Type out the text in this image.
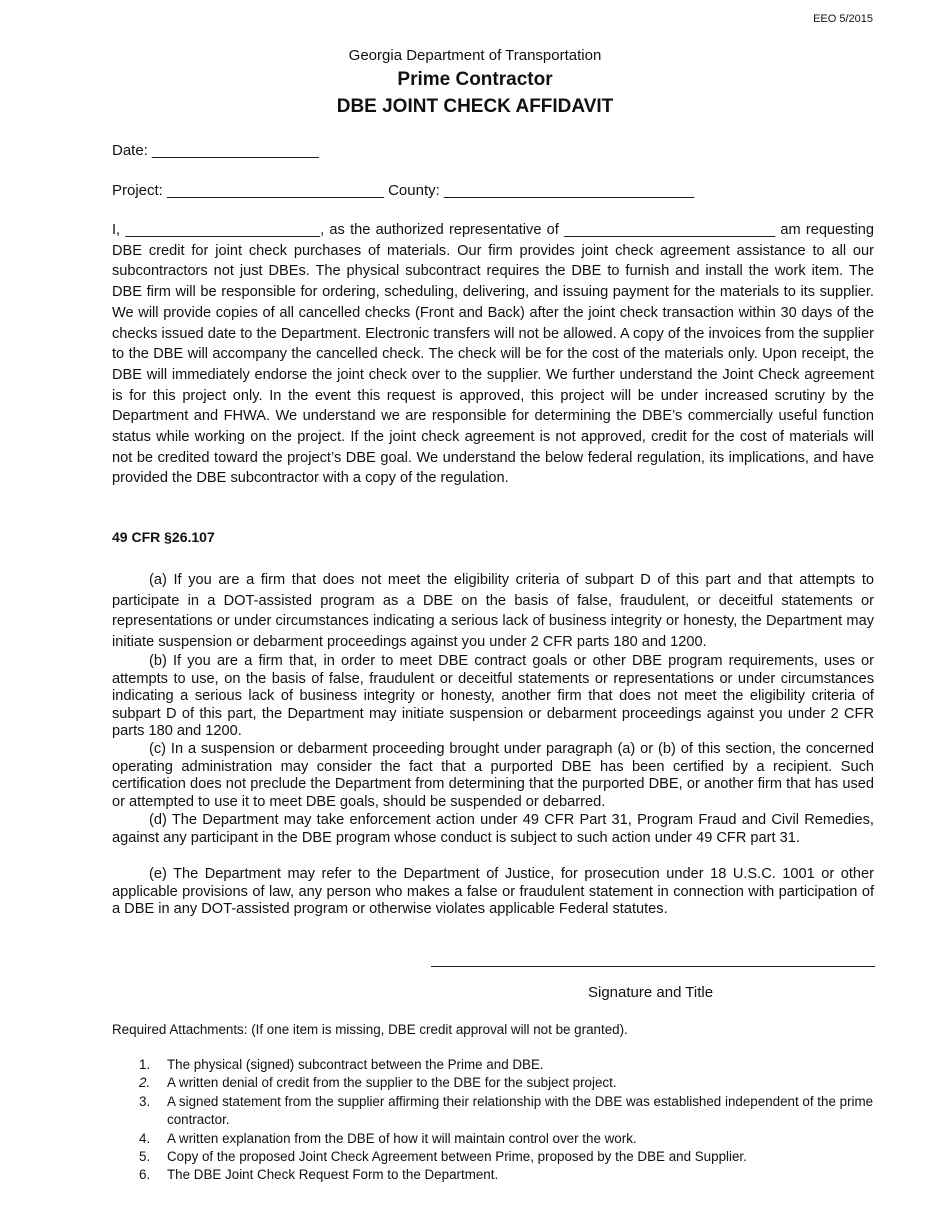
EEO 5/2015
Georgia Department of Transportation
Prime Contractor
DBE JOINT CHECK AFFIDAVIT
Date: ____________________
Project: __________________________ County: ______________________________
I, ________________________, as the authorized representative of __________________________ am requesting DBE credit for joint check purchases of materials. Our firm provides joint check agreement assistance to all our subcontractors not just DBEs. The physical subcontract requires the DBE to furnish and install the work item. The DBE firm will be responsible for ordering, scheduling, delivering, and issuing payment for the materials to its supplier. We will provide copies of all cancelled checks (Front and Back) after the joint check transaction within 30 days of the checks issued date to the Department. Electronic transfers will not be allowed. A copy of the invoices from the supplier to the DBE will accompany the cancelled check. The check will be for the cost of the materials only. Upon receipt, the DBE will immediately endorse the joint check over to the supplier. We further understand the Joint Check agreement is for this project only. In the event this request is approved, this project will be under increased scrutiny by the Department and FHWA. We understand we are responsible for determining the DBE’s commercially useful function status while working on the project. If the joint check agreement is not approved, credit for the cost of materials will not be credited toward the project’s DBE goal. We understand the below federal regulation, its implications, and have provided the DBE subcontractor with a copy of the regulation.
49 CFR §26.107
(a) If you are a firm that does not meet the eligibility criteria of subpart D of this part and that attempts to participate in a DOT-assisted program as a DBE on the basis of false, fraudulent, or deceitful statements or representations or under circumstances indicating a serious lack of business integrity or honesty, the Department may initiate suspension or debarment proceedings against you under 2 CFR parts 180 and 1200.
(b) If you are a firm that, in order to meet DBE contract goals or other DBE program requirements, uses or attempts to use, on the basis of false, fraudulent or deceitful statements or representations or under circumstances indicating a serious lack of business integrity or honesty, another firm that does not meet the eligibility criteria of subpart D of this part, the Department may initiate suspension or debarment proceedings against you under 2 CFR parts 180 and 1200.
(c) In a suspension or debarment proceeding brought under paragraph (a) or (b) of this section, the concerned operating administration may consider the fact that a purported DBE has been certified by a recipient. Such certification does not preclude the Department from determining that the purported DBE, or another firm that has used or attempted to use it to meet DBE goals, should be suspended or debarred.
(d) The Department may take enforcement action under 49 CFR Part 31, Program Fraud and Civil Remedies, against any participant in the DBE program whose conduct is subject to such action under 49 CFR part 31.
(e) The Department may refer to the Department of Justice, for prosecution under 18 U.S.C. 1001 or other applicable provisions of law, any person who makes a false or fraudulent statement in connection with participation of a DBE in any DOT-assisted program or otherwise violates applicable Federal statutes.
Signature and Title
Required Attachments: (If one item is missing, DBE credit approval will not be granted).
1. The physical (signed) subcontract between the Prime and DBE.
2. A written denial of credit from the supplier to the DBE for the subject project.
3. A signed statement from the supplier affirming their relationship with the DBE was established independent of the prime contractor.
4. A written explanation from the DBE of how it will maintain control over the work.
5. Copy of the proposed Joint Check Agreement between Prime, proposed by the DBE and Supplier.
6. The DBE Joint Check Request Form to the Department.
